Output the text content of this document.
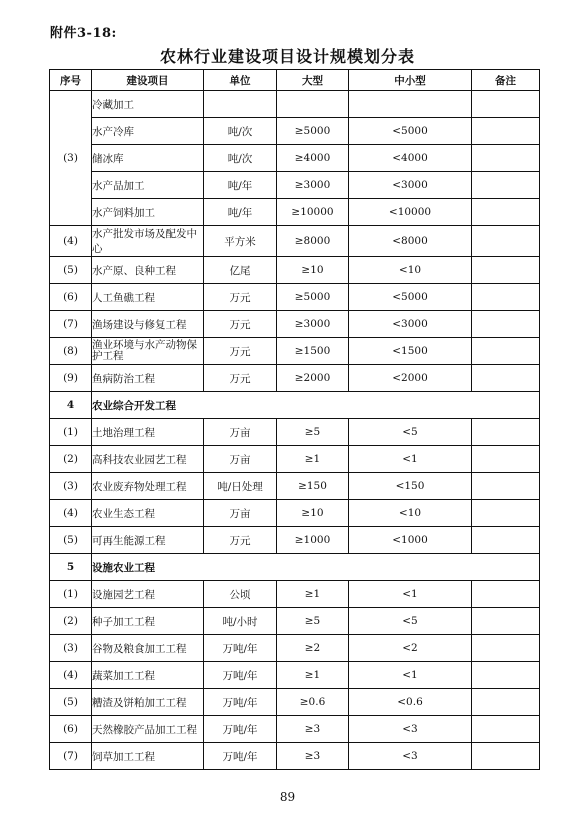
附件3-18:
农林行业建设项目设计规模划分表
序号	建设项目	单位	大型	中小型	备注
(3)	冷藏加工				
	水产冷库	吨/次	≥5000	<5000	
	储冰库	吨/次	≥4000	<4000	
	水产品加工	吨/年	≥3000	<3000	
	水产饲料加工	吨/年	≥10000	<10000	
(4)	水产批发市场及配发中心	平方米	≥8000	<8000	
(5)	水产原、良种工程	亿尾	≥10	<10	
(6)	人工鱼礁工程	万元	≥5000	<5000	
(7)	渔场建设与修复工程	万元	≥3000	<3000	
(8)	渔业环境与水产动物保护工程	万元	≥1500	<1500	
(9)	鱼病防治工程	万元	≥2000	<2000	
4	农业综合开发工程				
(1)	土地治理工程	万亩	≥5	<5	
(2)	高科技农业园艺工程	万亩	≥1	<1	
(3)	农业废弃物处理工程	吨/日处理	≥150	<150	
(4)	农业生态工程	万亩	≥10	<10	
(5)	可再生能源工程	万元	≥1000	<1000	
5	设施农业工程				
(1)	设施园艺工程	公顷	≥1	<1	
(2)	种子加工工程	吨/小时	≥5	<5	
(3)	谷物及粮食加工工程	万吨/年	≥2	<2	
(4)	蔬菜加工工程	万吨/年	≥1	<1	
(5)	糟渣及饼粕加工工程	万吨/年	≥0.6	<0.6	
(6)	天然橡胶产品加工工程	万吨/年	≥3	<3	
(7)	饲草加工工程	万吨/年	≥3	<3	
89
